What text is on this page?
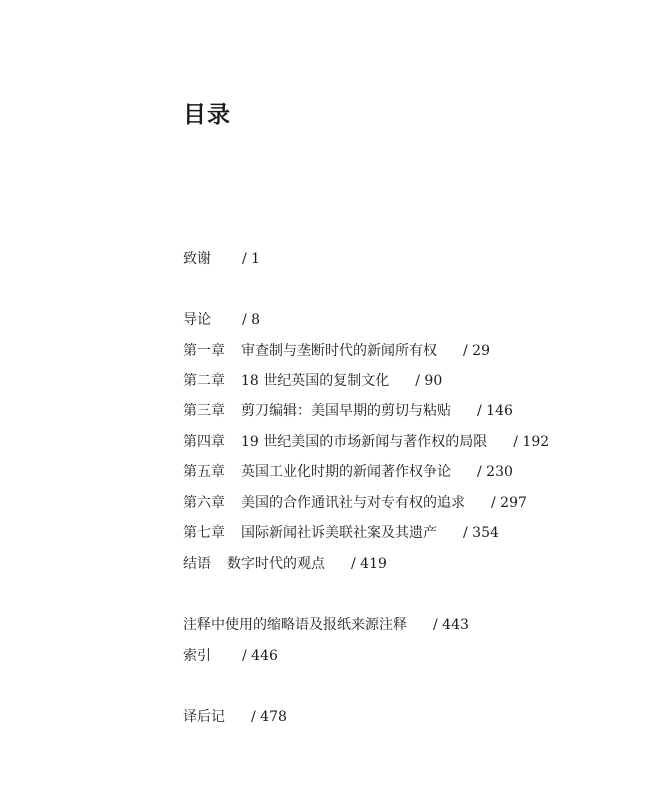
目录
致谢 / 1
导论 / 8
第一章 审查制与垄断时代的新闻所有权 / 29
第二章 18 世纪英国的复制文化 / 90
第三章 剪刀编辑：美国早期的剪切与粘贴 / 146
第四章 19 世纪美国的市场新闻与著作权的局限 / 192
第五章 英国工业化时期的新闻著作权争论 / 230
第六章 美国的合作通讯社与对专有权的追求 / 297
第七章 国际新闻社诉美联社案及其遗产 / 354
结语 数字时代的观点 / 419
注释中使用的缩略语及报纸来源注释 / 443
索引 / 446
译后记 / 478
